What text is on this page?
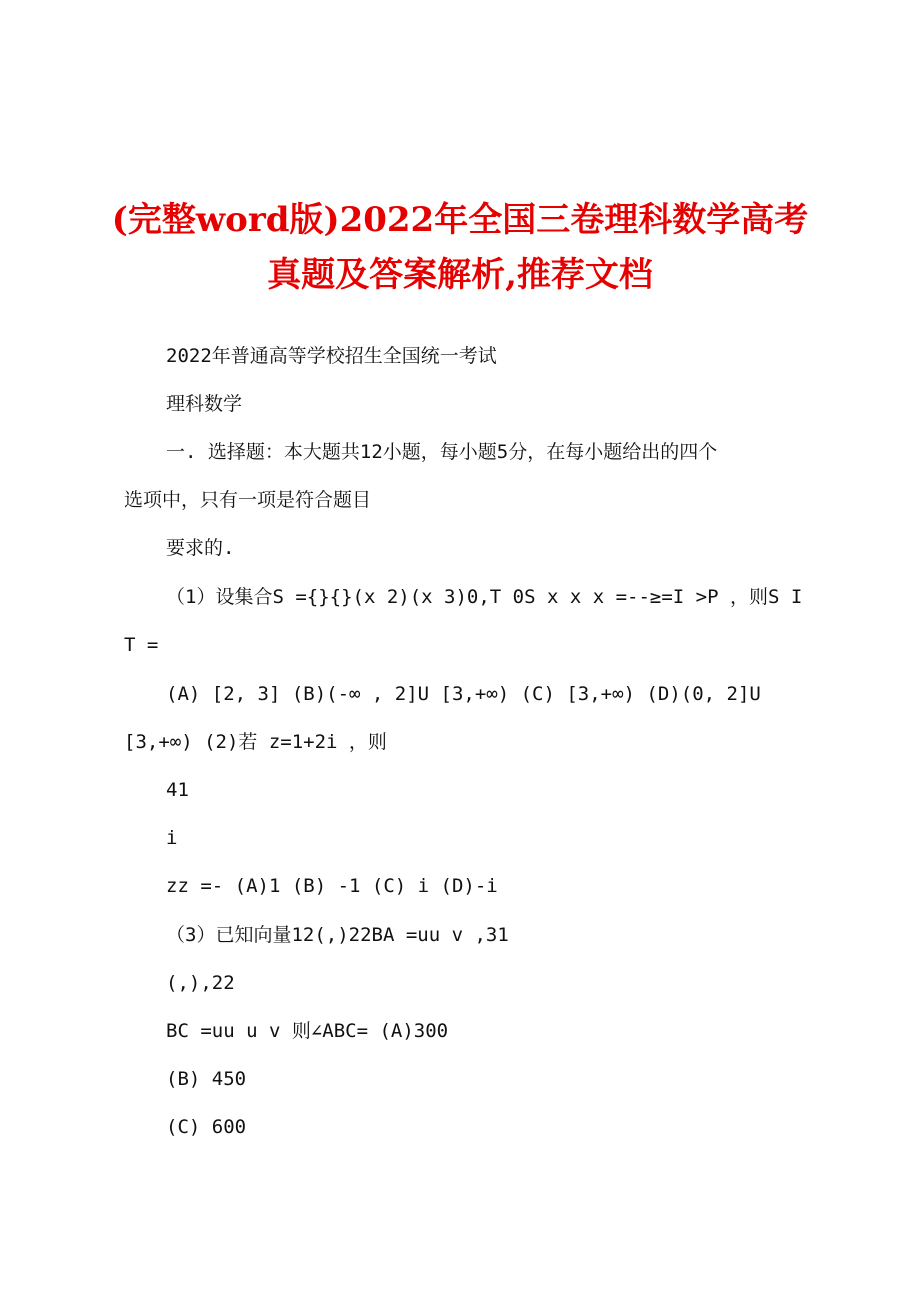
(完整word版)2022年全国三卷理科数学高考
真题及答案解析,推荐文档
2022年普通高等学校招生全国统一考试
理科数学
一. 选择题：本大题共12小题，每小题5分，在每小题给出的四个
选项中，只有一项是符合题目
要求的.
（1）设集合S ={}{}(x 2)(x 3)0,T 0S x x x =--≥=I >P ，则S I
T =
(A) [2, 3] (B)(-∞ , 2]U [3,+∞) (C) [3,+∞) (D)(0, 2]U
[3,+∞) (2)若 z=1+2i ，则
41
i
zz =- (A)1 (B) -1 (C) i (D)-i
（3）已知向量12(,)22BA =uu v ,31
(,),22
BC =uu u v 则∠ABC= (A)300
(B) 450
(C) 600
